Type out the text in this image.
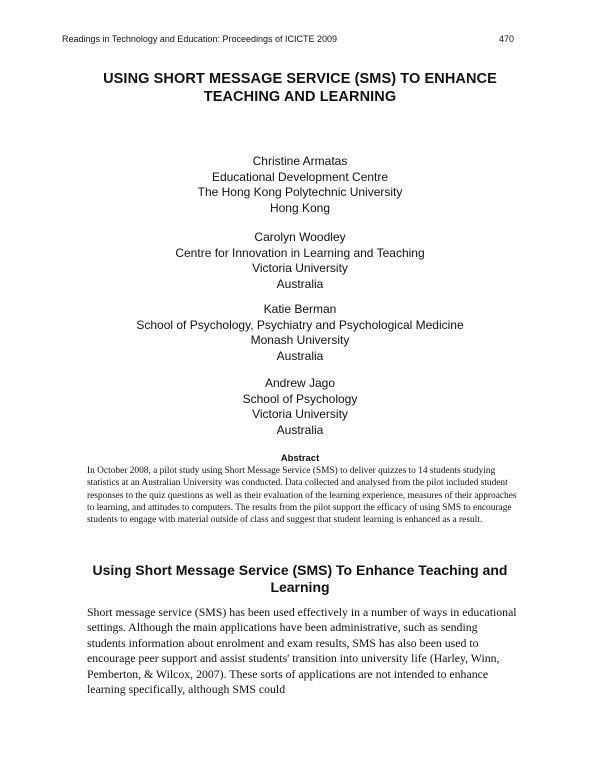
Readings in Technology and Education: Proceedings of ICICTE 2009	470
USING SHORT MESSAGE SERVICE (SMS) TO ENHANCE
TEACHING AND LEARNING
Christine Armatas
Educational Development Centre
The Hong Kong Polytechnic University
Hong Kong
Carolyn Woodley
Centre for Innovation in Learning and Teaching
Victoria University
Australia
Katie Berman
School of Psychology, Psychiatry and Psychological Medicine
Monash University
Australia
Andrew Jago
School of Psychology
Victoria University
Australia
Abstract

In October 2008, a pilot study using Short Message Service (SMS) to deliver quizzes to 14 students studying statistics at an Australian University was conducted. Data collected and analysed from the pilot included student responses to the quiz questions as well as their evaluation of the learning experience, measures of their approaches to learning, and attitudes to computers. The results from the pilot support the efficacy of using SMS to encourage students to engage with material outside of class and suggest that student learning is enhanced as a result.

Using Short Message Service (SMS) To Enhance Teaching and
Learning

Short message service (SMS) has been used effectively in a number of ways in educational settings. Although the main applications have been administrative, such as sending students information about enrolment and exam results, SMS has also been used to encourage peer support and assist students' transition into university life (Harley, Winn, Pemberton, & Wilcox, 2007). These sorts of applications are not intended to enhance learning specifically, although SMS could
